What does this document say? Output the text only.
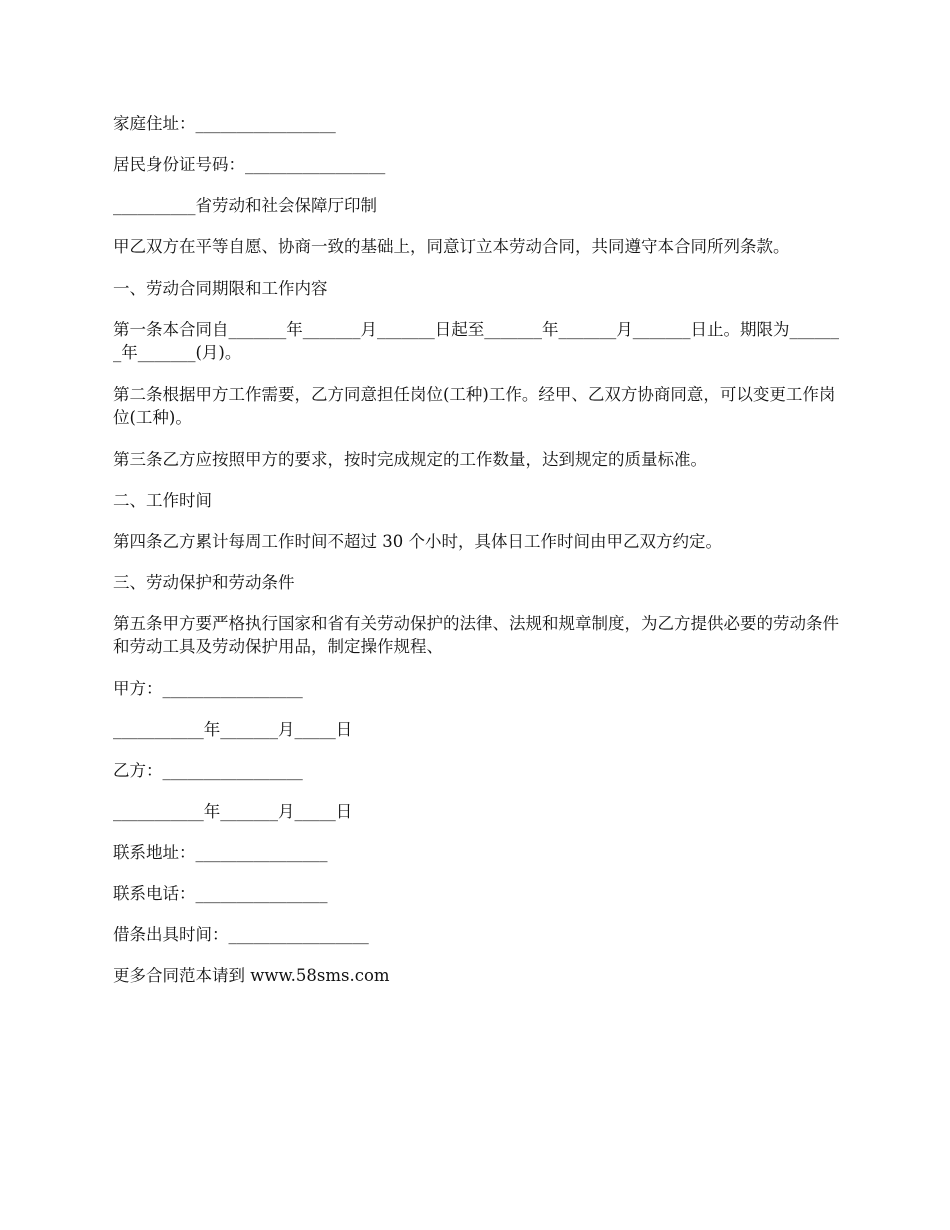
家庭住址：_________________

居民身份证号码：_________________

__________省劳动和社会保障厅印制

甲乙双方在平等自愿、协商一致的基础上，同意订立本劳动合同，共同遵守本合同所列条款。

一、劳动合同期限和工作内容

第一条本合同自_______年_______月_______日起至_______年_______月_______日止。期限为_______年_______(月)。

第二条根据甲方工作需要，乙方同意担任岗位(工种)工作。经甲、乙双方协商同意，可以变更工作岗位(工种)。

第三条乙方应按照甲方的要求，按时完成规定的工作数量，达到规定的质量标准。

二、工作时间

第四条乙方累计每周工作时间不超过 30 个小时，具体日工作时间由甲乙双方约定。

三、劳动保护和劳动条件

第五条甲方要严格执行国家和省有关劳动保护的法律、法规和规章制度，为乙方提供必要的劳动条件和劳动工具及劳动保护用品，制定操作规程、

甲方：_________________

___________年_______月_____日

乙方：_________________

___________年_______月_____日

联系地址：________________

联系电话：________________

借条出具时间：_________________

更多合同范本请到 www.58sms.com
